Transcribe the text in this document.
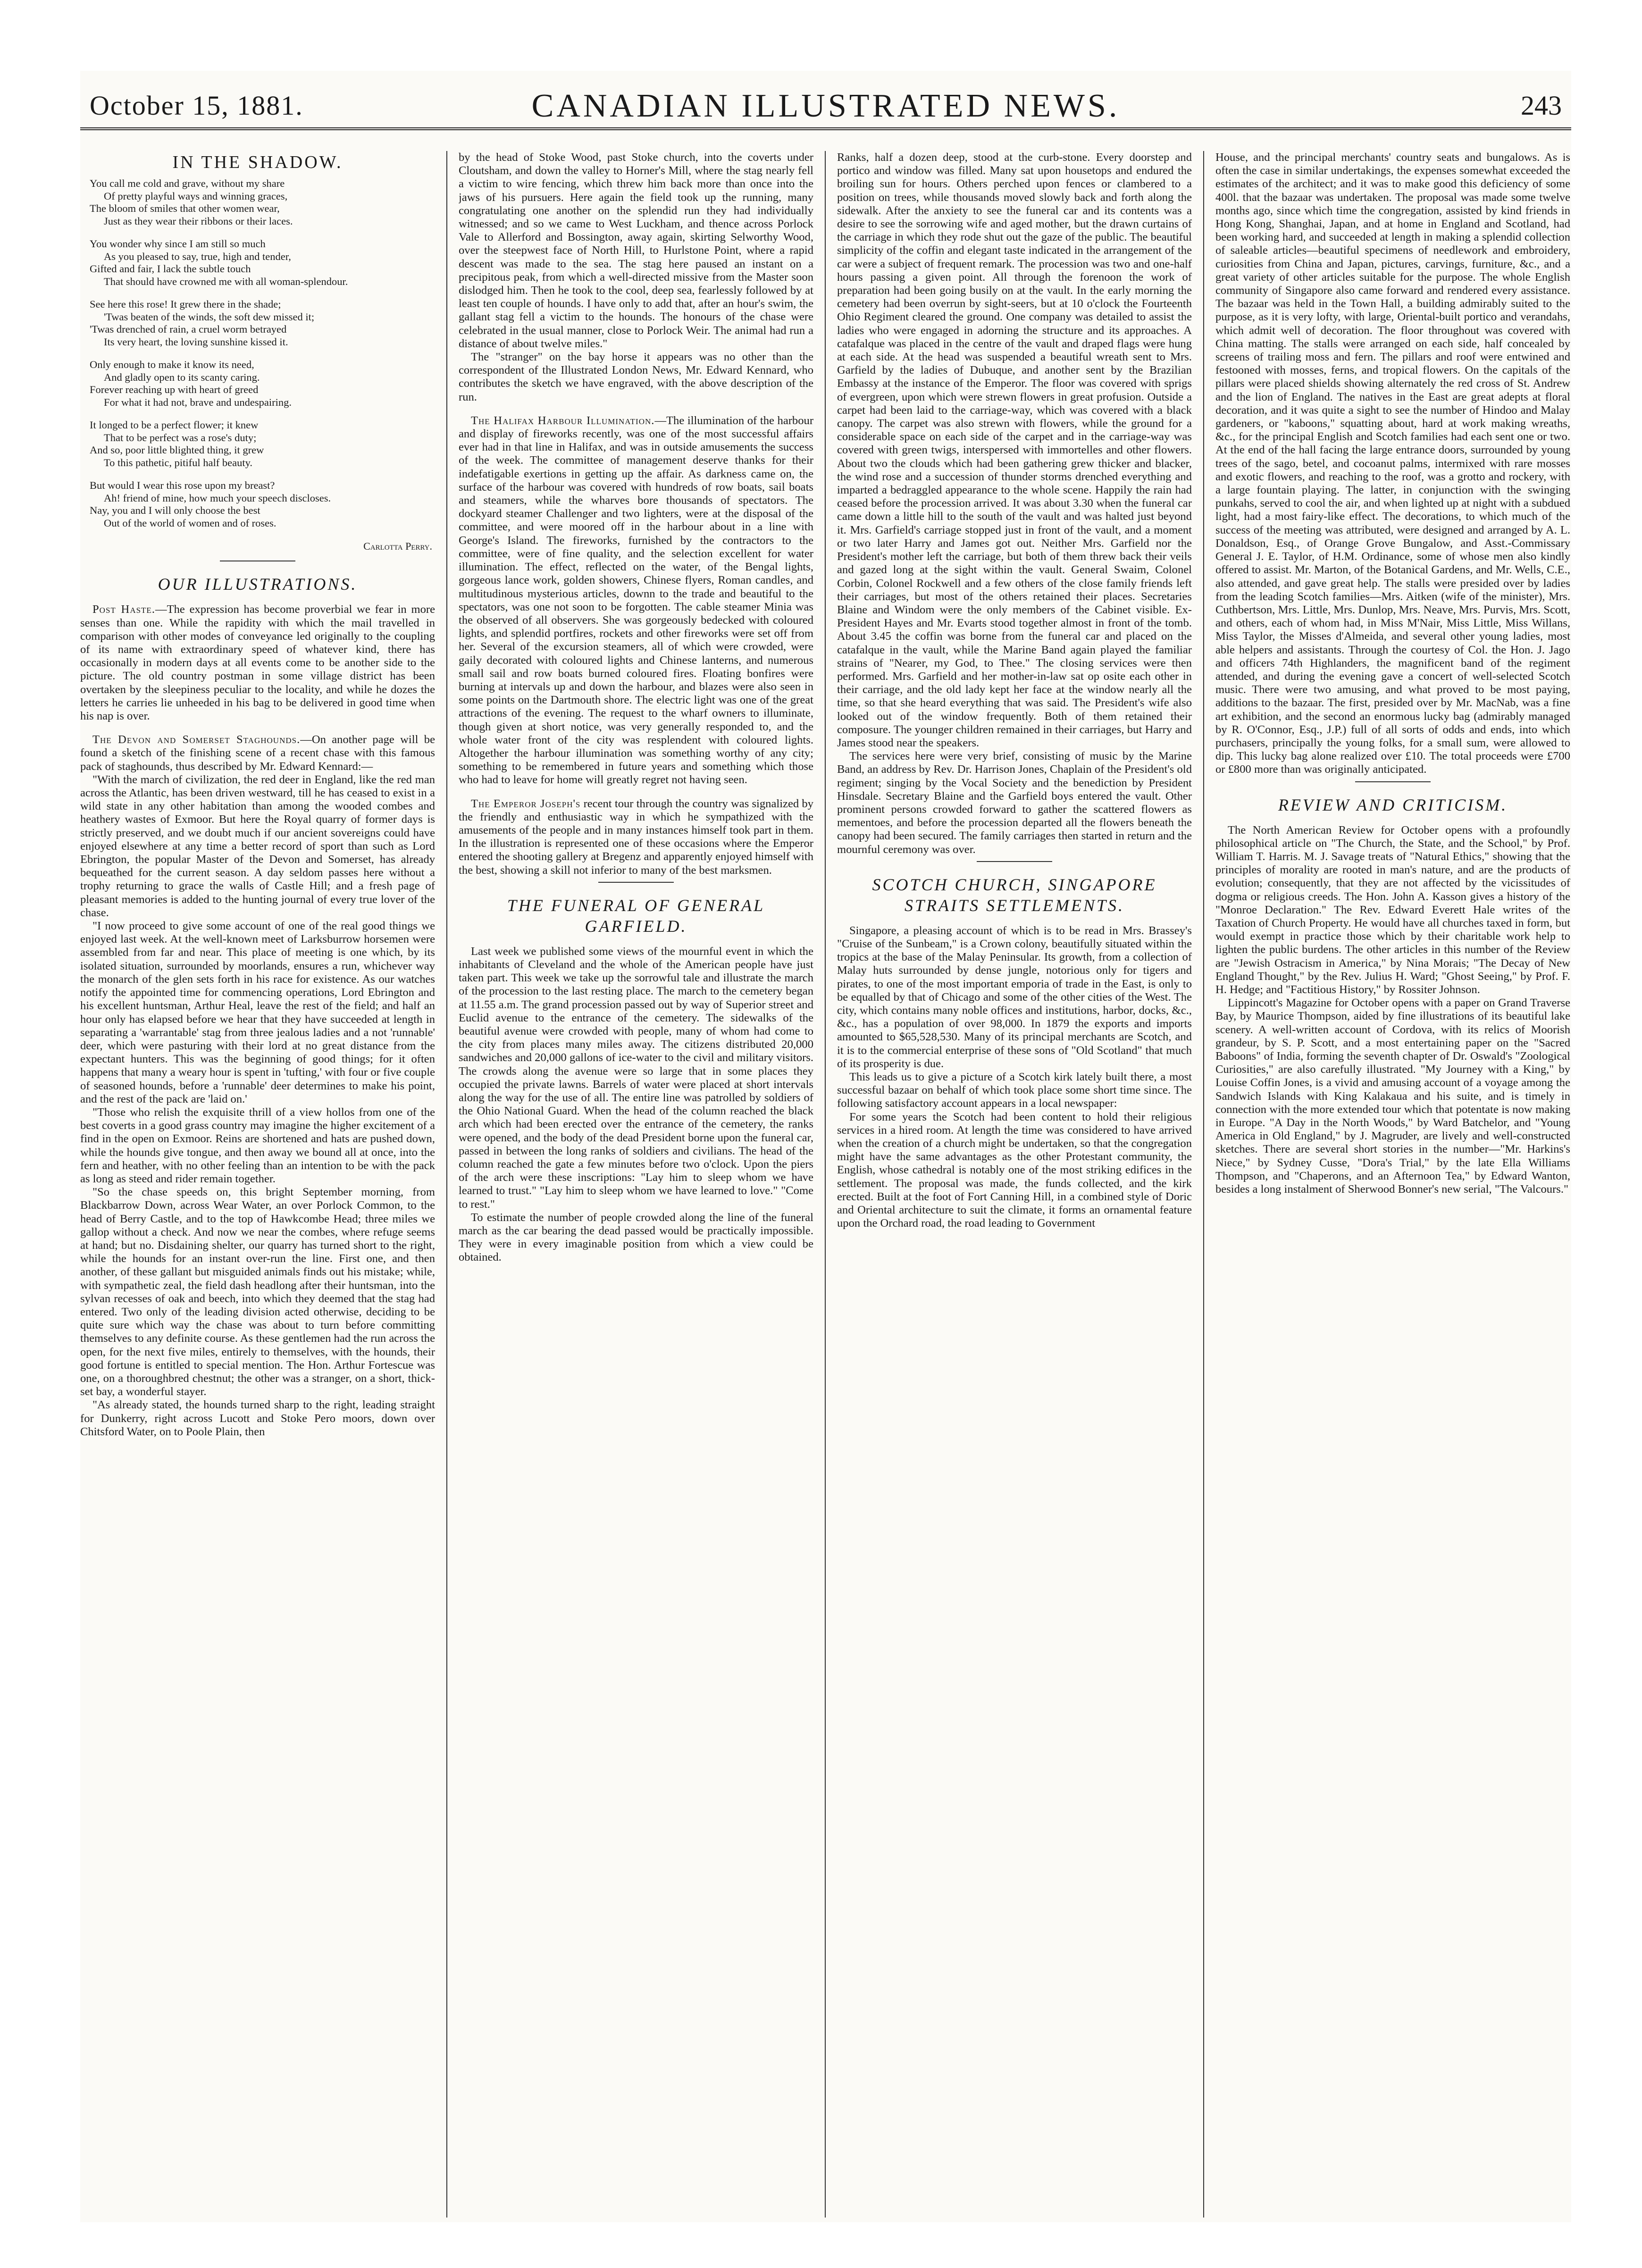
October 15, 1881.	CANADIAN ILLUSTRATED NEWS.	243
IN THE SHADOW.
You call me cold and grave, without my share
Of pretty playful ways and winning graces,
The bloom of smiles that other women wear,
Just as they wear their ribbons or their laces.
You wonder why since I am still so much
As you pleased to say, true, high and tender,
Gifted and fair, I lack the subtle touch
That should have crowned me with all woman-splendour.
See here this rose! It grew there in the shade;
'Twas beaten of the winds, the soft dew missed it;
'Twas drenched of rain, a cruel worm betrayed
Its very heart, the loving sunshine kissed it.
Only enough to make it know its need,
And gladly open to its scanty caring.
Forever reaching up with heart of greed
For what it had not, brave and undespairing.
It longed to be a perfect flower; it knew
That to be perfect was a rose's duty;
And so, poor little blighted thing, it grew
To this pathetic, pitiful half beauty.
But would I wear this rose upon my breast?
Ah! friend of mine, how much your speech discloses.
Nay, you and I will only choose the best
Out of the world of women and of roses.
Carlotta Perry.
OUR ILLUSTRATIONS.

Post Haste.—The expression has become proverbial we fear in more senses than one. While the rapidity with which the mail travelled in comparison with other modes of conveyance led originally to the coupling of its name with extraordinary speed of whatever kind, there has occasionally in modern days at all events come to be another side to the picture. The old country postman in some village district has been overtaken by the sleepiness peculiar to the locality, and while he dozes the letters he carries lie unheeded in his bag to be delivered in good time when his nap is over.

The Devon and Somerset Staghounds.—On another page will be found a sketch of the finishing scene of a recent chase with this famous pack of staghounds, thus described by Mr. Edward Kennard:—

"With the march of civilization, the red deer in England, like the red man across the Atlantic, has been driven westward, till he has ceased to exist in a wild state in any other habitation than among the wooded combes and heathery wastes of Exmoor. But here the Royal quarry of former days is strictly preserved, and we doubt much if our ancient sovereigns could have enjoyed elsewhere at any time a better record of sport than such as Lord Ebrington, the popular Master of the Devon and Somerset, has already bequeathed for the current season. A day seldom passes here without a trophy returning to grace the walls of Castle Hill; and a fresh page of pleasant memories is added to the hunting journal of every true lover of the chase.

"I now proceed to give some account of one of the real good things we enjoyed last week. At the well-known meet of Larksburrow horsemen were assembled from far and near. This place of meeting is one which, by its isolated situation, surrounded by moorlands, ensures a run, whichever way the monarch of the glen sets forth in his race for existence. As our watches notify the appointed time for commencing operations, Lord Ebrington and his excellent huntsman, Arthur Heal, leave the rest of the field; and half an hour only has elapsed before we hear that they have succeeded at length in separating a 'warrantable' stag from three jealous ladies and a not 'runnable' deer, which were pasturing with their lord at no great distance from the expectant hunters. This was the beginning of good things; for it often happens that many a weary hour is spent in 'tufting,' with four or five couple of seasoned hounds, before a 'runnable' deer determines to make his point, and the rest of the pack are 'laid on.'

"Those who relish the exquisite thrill of a view hollos from one of the best coverts in a good grass country may imagine the higher excitement of a find in the open on Exmoor. Reins are shortened and hats are pushed down, while the hounds give tongue, and then away we bound all at once, into the fern and heather, with no other feeling than an intention to be with the pack as long as steed and rider remain together.

"So the chase speeds on, this bright September morning, from Blackbarrow Down, across Wear Water, an over Porlock Common, to the head of Berry Castle, and to the top of Hawkcombe Head; three miles we gallop without a check. And now we near the combes, where refuge seems at hand; but no. Disdaining shelter, our quarry has turned short to the right, while the hounds for an instant over-run the line. First one, and then another, of these gallant but misguided animals finds out his mistake; while, with sympathetic zeal, the field dash headlong after their huntsman, into the sylvan recesses of oak and beech, into which they deemed that the stag had entered. Two only of the leading division acted otherwise, deciding to be quite sure which way the chase was about to turn before committing themselves to any definite course. As these gentlemen had the run across the open, for the next five miles, entirely to themselves, with the hounds, their good fortune is entitled to special mention. The Hon. Arthur Fortescue was one, on a thoroughbred chestnut; the other was a stranger, on a short, thick-set bay, a wonderful stayer.

"As already stated, the hounds turned sharp to the right, leading straight for Dunkerry, right across Lucott and Stoke Pero moors, down over Chitsford Water, on to Poole Plain, then

by the head of Stoke Wood, past Stoke church, into the coverts under Cloutsham, and down the valley to Horner's Mill, where the stag nearly fell a victim to wire fencing, which threw him back more than once into the jaws of his pursuers. Here again the field took up the running, many congratulating one another on the splendid run they had individually witnessed; and so we came to West Luckham, and thence across Porlock Vale to Allerford and Bossington, away again, skirting Selworthy Wood, over the steepwest face of North Hill, to Hurlstone Point, where a rapid descent was made to the sea. The stag here paused an instant on a precipitous peak, from which a well-directed missive from the Master soon dislodged him. Then he took to the cool, deep sea, fearlessly followed by at least ten couple of hounds. I have only to add that, after an hour's swim, the gallant stag fell a victim to the hounds. The honours of the chase were celebrated in the usual manner, close to Porlock Weir. The animal had run a distance of about twelve miles."

The "stranger" on the bay horse it appears was no other than the correspondent of the Illustrated London News, Mr. Edward Kennard, who contributes the sketch we have engraved, with the above description of the run.

The Halifax Harbour Illumination.—The illumination of the harbour and display of fireworks recently, was one of the most successful affairs ever had in that line in Halifax, and was in outside amusements the success of the week. The committee of management deserve thanks for their indefatigable exertions in getting up the affair. As darkness came on, the surface of the harbour was covered with hundreds of row boats, sail boats and steamers, while the wharves bore thousands of spectators. The dockyard steamer Challenger and two lighters, were at the disposal of the committee, and were moored off in the harbour about in a line with George's Island. The fireworks, furnished by the contractors to the committee, were of fine quality, and the selection excellent for water illumination. The effect, reflected on the water, of the Bengal lights, gorgeous lance work, golden showers, Chinese flyers, Roman candles, and multitudinous mysterious articles, downn to the trade and beautiful to the spectators, was one not soon to be forgotten. The cable steamer Minia was the observed of all observers. She was gorgeously bedecked with coloured lights, and splendid portfires, rockets and other fireworks were set off from her. Several of the excursion steamers, all of which were crowded, were gaily decorated with coloured lights and Chinese lanterns, and numerous small sail and row boats burned coloured fires. Floating bonfires were burning at intervals up and down the harbour, and blazes were also seen in some points on the Dartmouth shore. The electric light was one of the great attractions of the evening. The request to the wharf owners to illuminate, though given at short notice, was very generally responded to, and the whole water front of the city was resplendent with coloured lights. Altogether the harbour illumination was something worthy of any city; something to be remembered in future years and something which those who had to leave for home will greatly regret not having seen.

The Emperor Joseph's recent tour through the country was signalized by the friendly and enthusiastic way in which he sympathized with the amusements of the people and in many instances himself took part in them. In the illustration is represented one of these occasions where the Emperor entered the shooting gallery at Bregenz and apparently enjoyed himself with the best, showing a skill not inferior to many of the best marksmen.

THE FUNERAL OF GENERAL GARFIELD.

Last week we published some views of the mournful event in which the inhabitants of Cleveland and the whole of the American people have just taken part. This week we take up the sorrowful tale and illustrate the march of the procession to the last resting place. The march to the cemetery began at 11.55 a.m. The grand procession passed out by way of Superior street and Euclid avenue to the entrance of the cemetery. The sidewalks of the beautiful avenue were crowded with people, many of whom had come to the city from places many miles away. The citizens distributed 20,000 sandwiches and 20,000 gallons of ice-water to the civil and military visitors. The crowds along the avenue were so large that in some places they occupied the private lawns. Barrels of water were placed at short intervals along the way for the use of all. The entire line was patrolled by soldiers of the Ohio National Guard. When the head of the column reached the black arch which had been erected over the entrance of the cemetery, the ranks were opened, and the body of the dead President borne upon the funeral car, passed in between the long ranks of soldiers and civilians. The head of the column reached the gate a few minutes before two o'clock. Upon the piers of the arch were these inscriptions: "Lay him to sleep whom we have learned to trust." "Lay him to sleep whom we have learned to love." "Come to rest."

To estimate the number of people crowded along the line of the funeral march as the car bearing the dead passed would be practically impossible. They were in every imaginable position from which a view could be obtained.

Ranks, half a dozen deep, stood at the curb-stone. Every doorstep and portico and window was filled. Many sat upon housetops and endured the broiling sun for hours. Others perched upon fences or clambered to a position on trees, while thousands moved slowly back and forth along the sidewalk. After the anxiety to see the funeral car and its contents was a desire to see the sorrowing wife and aged mother, but the drawn curtains of the carriage in which they rode shut out the gaze of the public. The beautiful simplicity of the coffin and elegant taste indicated in the arrangement of the car were a subject of frequent remark. The procession was two and one-half hours passing a given point. All through the forenoon the work of preparation had been going busily on at the vault. In the early morning the cemetery had been overrun by sight-seers, but at 10 o'clock the Fourteenth Ohio Regiment cleared the ground. One company was detailed to assist the ladies who were engaged in adorning the structure and its approaches. A catafalque was placed in the centre of the vault and draped flags were hung at each side. At the head was suspended a beautiful wreath sent to Mrs. Garfield by the ladies of Dubuque, and another sent by the Brazilian Embassy at the instance of the Emperor. The floor was covered with sprigs of evergreen, upon which were strewn flowers in great profusion. Outside a carpet had been laid to the carriage-way, which was covered with a black canopy. The carpet was also strewn with flowers, while the ground for a considerable space on each side of the carpet and in the carriage-way was covered with green twigs, interspersed with immortelles and other flowers. About two the clouds which had been gathering grew thicker and blacker, the wind rose and a succession of thunder storms drenched everything and imparted a bedraggled appearance to the whole scene. Happily the rain had ceased before the procession arrived. It was about 3.30 when the funeral car came down a little hill to the south of the vault and was halted just beyond it. Mrs. Garfield's carriage stopped just in front of the vault, and a moment or two later Harry and James got out. Neither Mrs. Garfield nor the President's mother left the carriage, but both of them threw back their veils and gazed long at the sight within the vault. General Swaim, Colonel Corbin, Colonel Rockwell and a few others of the close family friends left their carriages, but most of the others retained their places. Secretaries Blaine and Windom were the only members of the Cabinet visible. Ex-President Hayes and Mr. Evarts stood together almost in front of the tomb. About 3.45 the coffin was borne from the funeral car and placed on the catafalque in the vault, while the Marine Band again played the familiar strains of "Nearer, my God, to Thee." The closing services were then performed. Mrs. Garfield and her mother-in-law sat op osite each other in their carriage, and the old lady kept her face at the window nearly all the time, so that she heard everything that was said. The President's wife also looked out of the window frequently. Both of them retained their composure. The younger children remained in their carriages, but Harry and James stood near the speakers.

The services here were very brief, consisting of music by the Marine Band, an address by Rev. Dr. Harrison Jones, Chaplain of the President's old regiment; singing by the Vocal Society and the benediction by President Hinsdale. Secretary Blaine and the Garfield boys entered the vault. Other prominent persons crowded forward to gather the scattered flowers as mementoes, and before the procession departed all the flowers beneath the canopy had been secured. The family carriages then started in return and the mournful ceremony was over.

SCOTCH CHURCH, SINGAPORE STRAITS SETTLEMENTS.

Singapore, a pleasing account of which is to be read in Mrs. Brassey's "Cruise of the Sunbeam," is a Crown colony, beautifully situated within the tropics at the base of the Malay Peninsular. Its growth, from a collection of Malay huts surrounded by dense jungle, notorious only for tigers and pirates, to one of the most important emporia of trade in the East, is only to be equalled by that of Chicago and some of the other cities of the West. The city, which contains many noble offices and institutions, harbor, docks, &c., &c., has a population of over 98,000. In 1879 the exports and imports amounted to $65,528,530. Many of its principal merchants are Scotch, and it is to the commercial enterprise of these sons of "Old Scotland" that much of its prosperity is due.

This leads us to give a picture of a Scotch kirk lately built there, a most successful bazaar on behalf of which took place some short time since. The following satisfactory account appears in a local newspaper:

For some years the Scotch had been content to hold their religious services in a hired room. At length the time was considered to have arrived when the creation of a church might be undertaken, so that the congregation might have the same advantages as the other Protestant community, the English, whose cathedral is notably one of the most striking edifices in the settlement. The proposal was made, the funds collected, and the kirk erected. Built at the foot of Fort Canning Hill, in a combined style of Doric and Oriental architecture to suit the climate, it forms an ornamental feature upon the Orchard road, the road leading to Government

House, and the principal merchants' country seats and bungalows. As is often the case in similar undertakings, the expenses somewhat exceeded the estimates of the architect; and it was to make good this deficiency of some 400l. that the bazaar was undertaken. The proposal was made some twelve months ago, since which time the congregation, assisted by kind friends in Hong Kong, Shanghai, Japan, and at home in England and Scotland, had been working hard, and succeeded at length in making a splendid collection of saleable articles—beautiful specimens of needlework and embroidery, curiosities from China and Japan, pictures, carvings, furniture, &c., and a great variety of other articles suitable for the purpose. The whole English community of Singapore also came forward and rendered every assistance. The bazaar was held in the Town Hall, a building admirably suited to the purpose, as it is very lofty, with large, Oriental-built portico and verandahs, which admit well of decoration. The floor throughout was covered with China matting. The stalls were arranged on each side, half concealed by screens of trailing moss and fern. The pillars and roof were entwined and festooned with mosses, ferns, and tropical flowers. On the capitals of the pillars were placed shields showing alternately the red cross of St. Andrew and the lion of England. The natives in the East are great adepts at floral decoration, and it was quite a sight to see the number of Hindoo and Malay gardeners, or "kaboons," squatting about, hard at work making wreaths, &c., for the principal English and Scotch families had each sent one or two. At the end of the hall facing the large entrance doors, surrounded by young trees of the sago, betel, and cocoanut palms, intermixed with rare mosses and exotic flowers, and reaching to the roof, was a grotto and rockery, with a large fountain playing. The latter, in conjunction with the swinging punkahs, served to cool the air, and when lighted up at night with a subdued light, had a most fairy-like effect. The decorations, to which much of the success of the meeting was attributed, were designed and arranged by A. L. Donaldson, Esq., of Orange Grove Bungalow, and Asst.-Commissary General J. E. Taylor, of H.M. Ordinance, some of whose men also kindly offered to assist. Mr. Marton, of the Botanical Gardens, and Mr. Wells, C.E., also attended, and gave great help. The stalls were presided over by ladies from the leading Scotch families—Mrs. Aitken (wife of the minister), Mrs. Cuthbertson, Mrs. Little, Mrs. Dunlop, Mrs. Neave, Mrs. Purvis, Mrs. Scott, and others, each of whom had, in Miss M'Nair, Miss Little, Miss Willans, Miss Taylor, the Misses d'Almeida, and several other young ladies, most able helpers and assistants. Through the courtesy of Col. the Hon. J. Jago and officers 74th Highlanders, the magnificent band of the regiment attended, and during the evening gave a concert of well-selected Scotch music. There were two amusing, and what proved to be most paying, additions to the bazaar. The first, presided over by Mr. MacNab, was a fine art exhibition, and the second an enormous lucky bag (admirably managed by R. O'Connor, Esq., J.P.) full of all sorts of odds and ends, into which purchasers, principally the young folks, for a small sum, were allowed to dip. This lucky bag alone realized over £10. The total proceeds were £700 or £800 more than was originally anticipated.

REVIEW AND CRITICISM.

The North American Review for October opens with a profoundly philosophical article on "The Church, the State, and the School," by Prof. William T. Harris. M. J. Savage treats of "Natural Ethics," showing that the principles of morality are rooted in man's nature, and are the products of evolution; consequently, that they are not affected by the vicissitudes of dogma or religious creeds. The Hon. John A. Kasson gives a history of the "Monroe Declaration." The Rev. Edward Everett Hale writes of the Taxation of Church Property. He would have all churches taxed in form, but would exempt in practice those which by their charitable work help to lighten the public burdens. The other articles in this number of the Review are "Jewish Ostracism in America," by Nina Morais; "The Decay of New England Thought," by the Rev. Julius H. Ward; "Ghost Seeing," by Prof. F. H. Hedge; and "Factitious History," by Rossiter Johnson.

Lippincott's Magazine for October opens with a paper on Grand Traverse Bay, by Maurice Thompson, aided by fine illustrations of its beautiful lake scenery. A well-written account of Cordova, with its relics of Moorish grandeur, by S. P. Scott, and a most entertaining paper on the "Sacred Baboons" of India, forming the seventh chapter of Dr. Oswald's "Zoological Curiosities," are also carefully illustrated. "My Journey with a King," by Louise Coffin Jones, is a vivid and amusing account of a voyage among the Sandwich Islands with King Kalakaua and his suite, and is timely in connection with the more extended tour which that potentate is now making in Europe. "A Day in the North Woods," by Ward Batchelor, and "Young America in Old England," by J. Magruder, are lively and well-constructed sketches. There are several short stories in the number—"Mr. Harkins's Niece," by Sydney Cusse, "Dora's Trial," by the late Ella Williams Thompson, and "Chaperons, and an Afternoon Tea," by Edward Wanton, besides a long instalment of Sherwood Bonner's new serial, "The Valcours."
